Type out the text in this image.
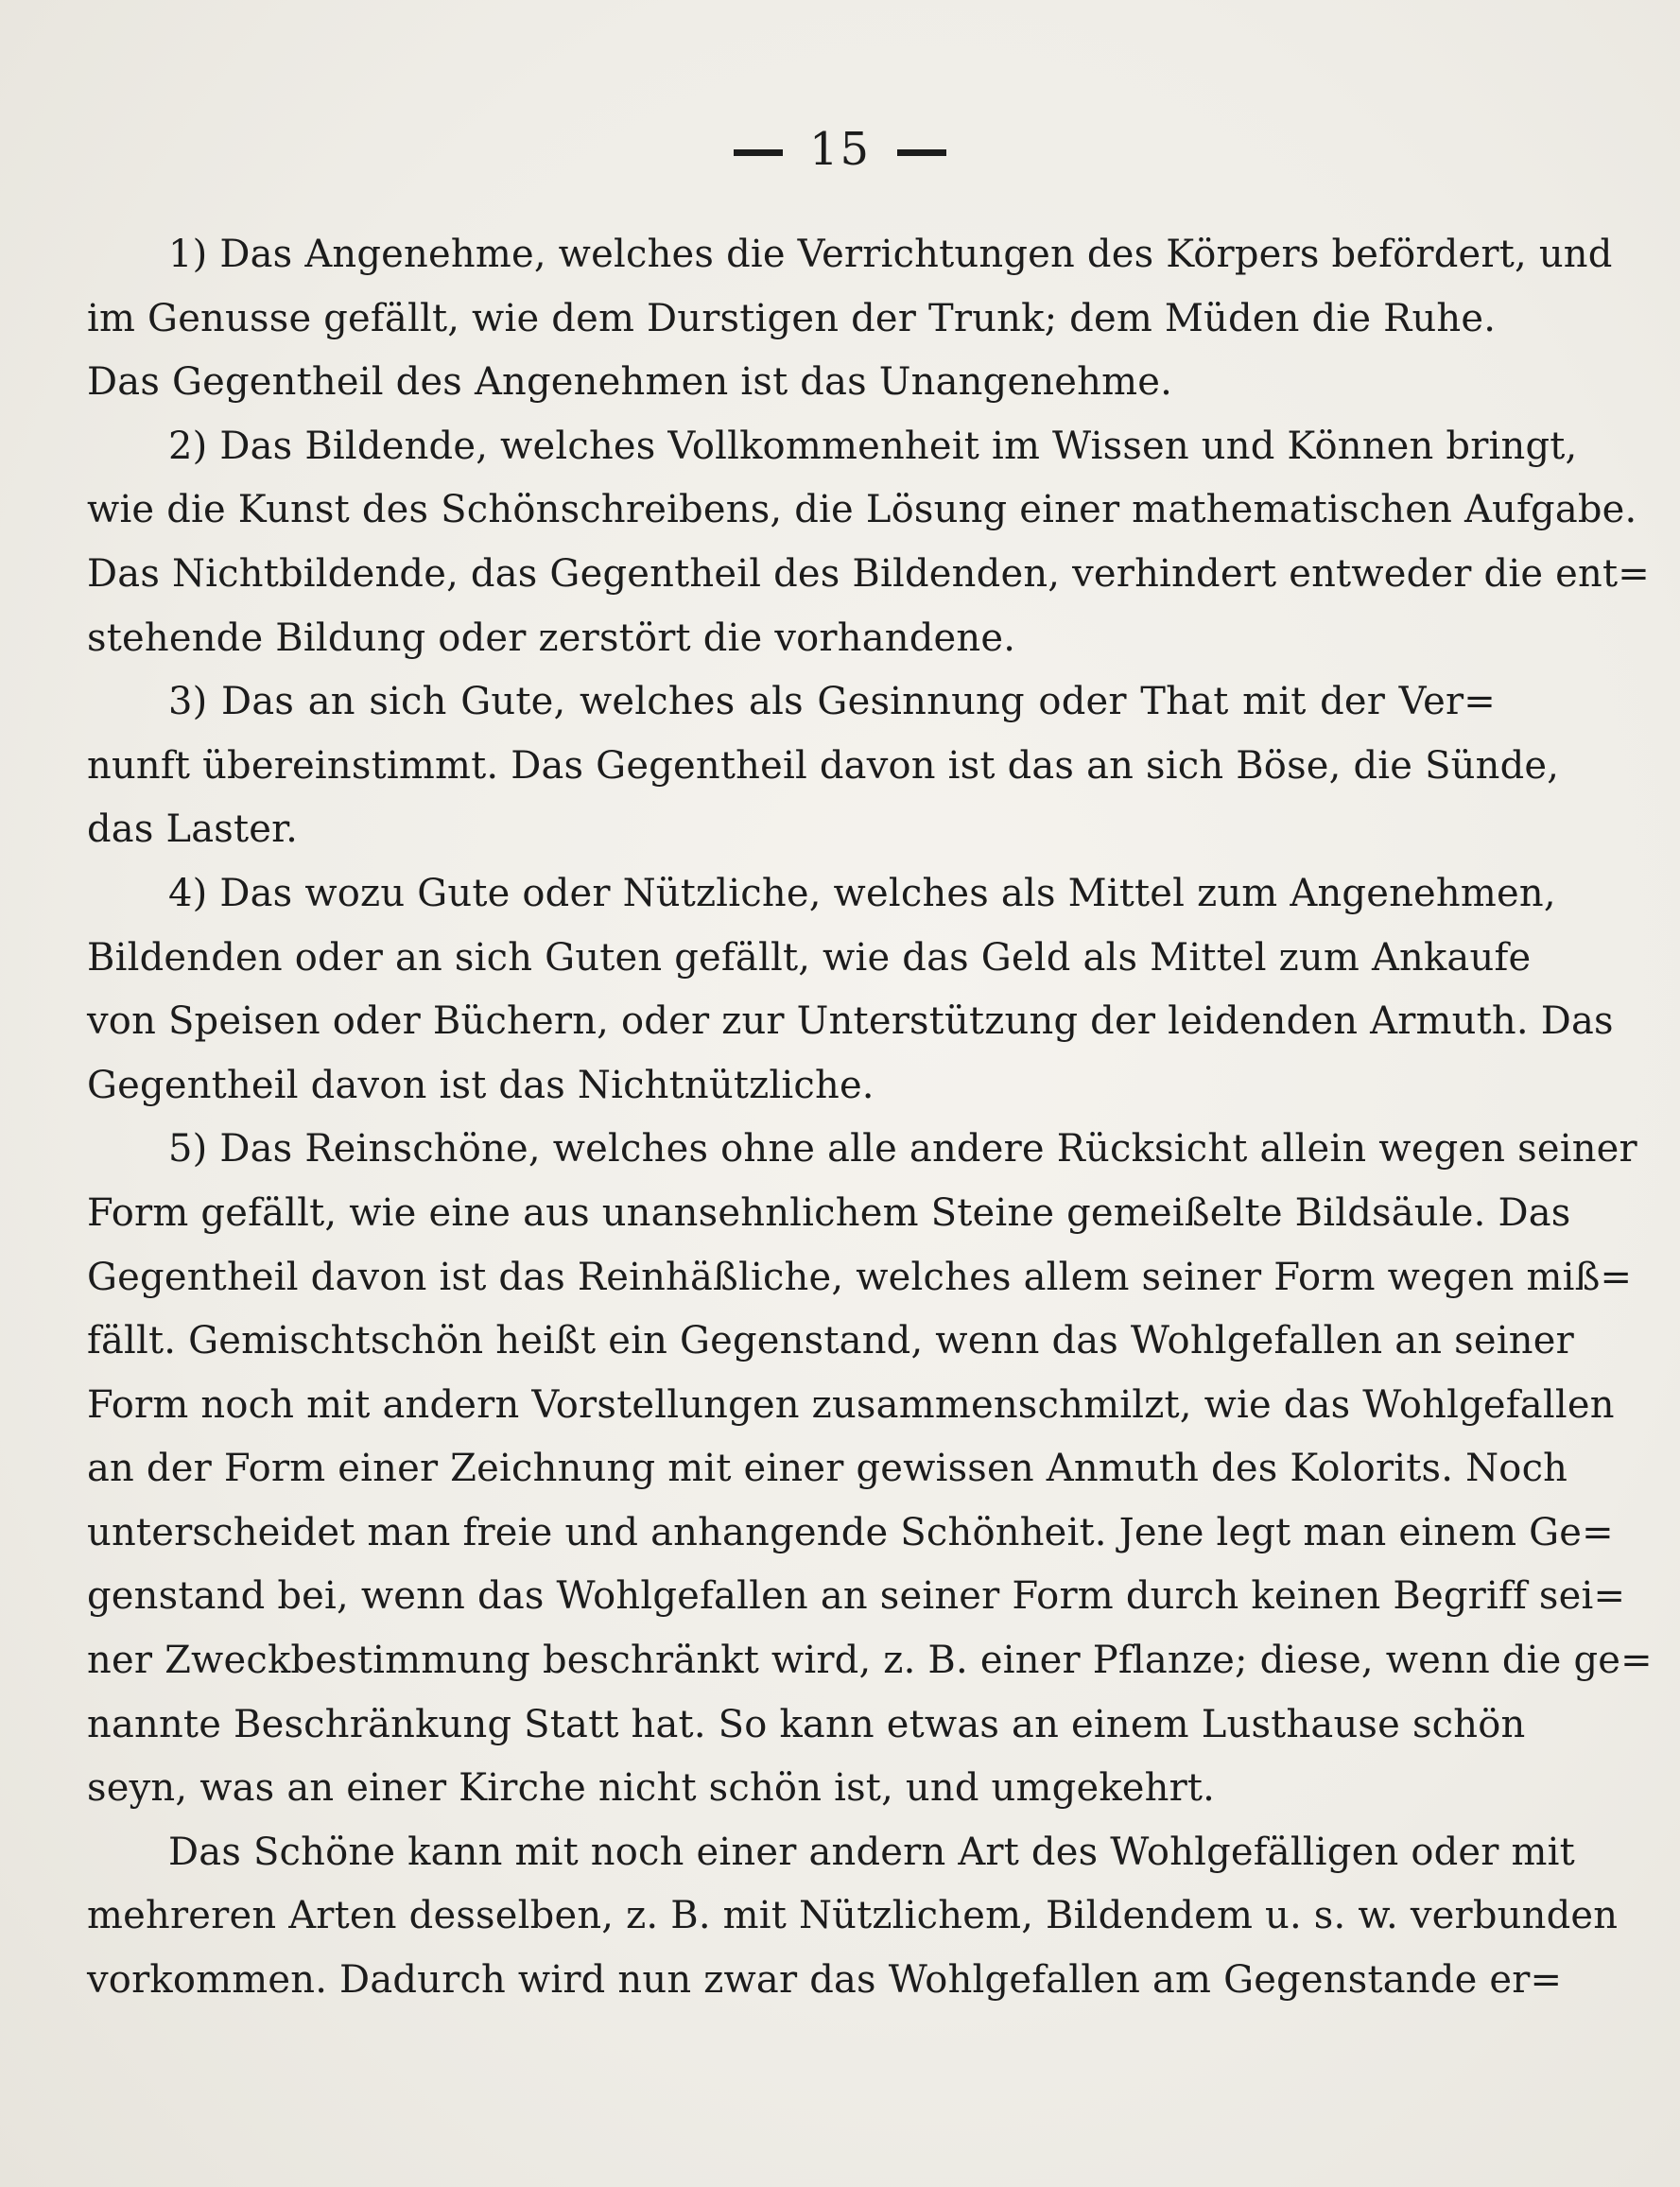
15
1) Das Angenehme, welches die Verrichtungen des Körpers befördert, und
im Genusse gefällt, wie dem Durstigen der Trunk; dem Müden die Ruhe.
Das Gegentheil des Angenehmen ist das Unangenehme.
2) Das Bildende, welches Vollkommenheit im Wissen und Können bringt,
wie die Kunst des Schönschreibens, die Lösung einer mathematischen Aufgabe.
Das Nichtbildende, das Gegentheil des Bildenden, verhindert entweder die ent=
stehende Bildung oder zerstört die vorhandene.
3) Das an sich Gute, welches als Gesinnung oder That mit der Ver=
nunft übereinstimmt. Das Gegentheil davon ist das an sich Böse, die Sünde,
das Laster.
4) Das wozu Gute oder Nützliche, welches als Mittel zum Angenehmen,
Bildenden oder an sich Guten gefällt, wie das Geld als Mittel zum Ankaufe
von Speisen oder Büchern, oder zur Unterstützung der leidenden Armuth. Das
Gegentheil davon ist das Nichtnützliche.
5) Das Reinschöne, welches ohne alle andere Rücksicht allein wegen seiner
Form gefällt, wie eine aus unansehnlichem Steine gemeißelte Bildsäule. Das
Gegentheil davon ist das Reinhäßliche, welches allem seiner Form wegen miß=
fällt. Gemischtschön heißt ein Gegenstand, wenn das Wohlgefallen an seiner
Form noch mit andern Vorstellungen zusammenschmilzt, wie das Wohlgefallen
an der Form einer Zeichnung mit einer gewissen Anmuth des Kolorits. Noch
unterscheidet man freie und anhangende Schönheit. Jene legt man einem Ge=
genstand bei, wenn das Wohlgefallen an seiner Form durch keinen Begriff sei=
ner Zweckbestimmung beschränkt wird, z. B. einer Pflanze; diese, wenn die ge=
nannte Beschränkung Statt hat. So kann etwas an einem Lusthause schön
seyn, was an einer Kirche nicht schön ist, und umgekehrt.
Das Schöne kann mit noch einer andern Art des Wohlgefälligen oder mit
mehreren Arten desselben, z. B. mit Nützlichem, Bildendem u. s. w. verbunden
vorkommen. Dadurch wird nun zwar das Wohlgefallen am Gegenstande er=
